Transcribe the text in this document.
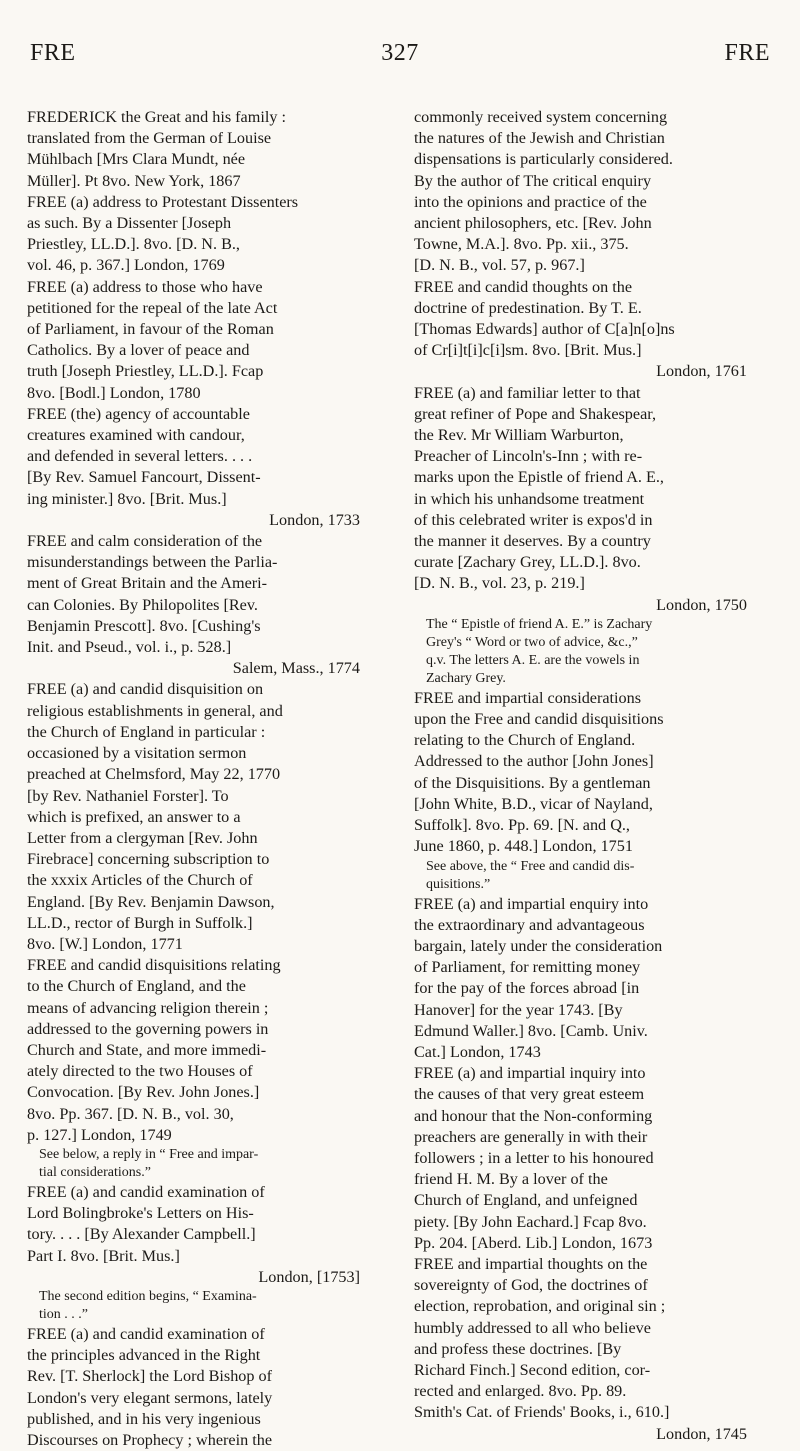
FRE	327	FRE
FREDERICK the Great and his family :
translated from the German of Louise
Mühlbach [Mrs Clara Mundt, née
Müller]. Pt 8vo. New York, 1867
FREE (a) address to Protestant Dissenters
as such. By a Dissenter [Joseph
Priestley, LL.D.]. 8vo. [D. N. B.,
vol. 46, p. 367.] London, 1769
FREE (a) address to those who have
petitioned for the repeal of the late Act
of Parliament, in favour of the Roman
Catholics. By a lover of peace and
truth [Joseph Priestley, LL.D.]. Fcap
8vo. [Bodl.] London, 1780
FREE (the) agency of accountable
creatures examined with candour,
and defended in several letters. . . .
[By Rev. Samuel Fancourt, Dissent-
ing minister.] 8vo. [Brit. Mus.]
London, 1733
FREE and calm consideration of the
misunderstandings between the Parlia-
ment of Great Britain and the Ameri-
can Colonies. By Philopolites [Rev.
Benjamin Prescott]. 8vo. [Cushing's
Init. and Pseud., vol. i., p. 528.]
Salem, Mass., 1774
FREE (a) and candid disquisition on
religious establishments in general, and
the Church of England in particular :
occasioned by a visitation sermon
preached at Chelmsford, May 22, 1770
[by Rev. Nathaniel Forster]. To
which is prefixed, an answer to a
Letter from a clergyman [Rev. John
Firebrace] concerning subscription to
the xxxix Articles of the Church of
England. [By Rev. Benjamin Dawson,
LL.D., rector of Burgh in Suffolk.]
8vo. [W.] London, 1771
FREE and candid disquisitions relating
to the Church of England, and the
means of advancing religion therein ;
addressed to the governing powers in
Church and State, and more immedi-
ately directed to the two Houses of
Convocation. [By Rev. John Jones.]
8vo. Pp. 367. [D. N. B., vol. 30,
p. 127.] London, 1749
See below, a reply in “ Free and impar-
tial considerations.”
FREE (a) and candid examination of
Lord Bolingbroke's Letters on His-
tory. . . . [By Alexander Campbell.]
Part I. 8vo. [Brit. Mus.]
London, [1753]
The second edition begins, “ Examina-
tion . . .”
FREE (a) and candid examination of
the principles advanced in the Right
Rev. [T. Sherlock] the Lord Bishop of
London's very elegant sermons, lately
published, and in his very ingenious
Discourses on Prophecy ; wherein the
commonly received system concerning
the natures of the Jewish and Christian
dispensations is particularly considered.
By the author of The critical enquiry
into the opinions and practice of the
ancient philosophers, etc. [Rev. John
Towne, M.A.]. 8vo. Pp. xii., 375.
[D. N. B., vol. 57, p. 967.]
FREE and candid thoughts on the
doctrine of predestination. By T. E.
[Thomas Edwards] author of C[a]n[o]ns
of Cr[i]t[i]c[i]sm. 8vo. [Brit. Mus.]
London, 1761
FREE (a) and familiar letter to that
great refiner of Pope and Shakespear,
the Rev. Mr William Warburton,
Preacher of Lincoln's-Inn ; with re-
marks upon the Epistle of friend A. E.,
in which his unhandsome treatment
of this celebrated writer is expos'd in
the manner it deserves. By a country
curate [Zachary Grey, LL.D.]. 8vo.
[D. N. B., vol. 23, p. 219.]
London, 1750
The “ Epistle of friend A. E.” is Zachary
Grey's “ Word or two of advice, &c.,”
q.v. The letters A. E. are the vowels in
Zachary Grey.
FREE and impartial considerations
upon the Free and candid disquisitions
relating to the Church of England.
Addressed to the author [John Jones]
of the Disquisitions. By a gentleman
[John White, B.D., vicar of Nayland,
Suffolk]. 8vo. Pp. 69. [N. and Q.,
June 1860, p. 448.] London, 1751
See above, the “ Free and candid dis-
quisitions.”
FREE (a) and impartial enquiry into
the extraordinary and advantageous
bargain, lately under the consideration
of Parliament, for remitting money
for the pay of the forces abroad [in
Hanover] for the year 1743. [By
Edmund Waller.] 8vo. [Camb. Univ.
Cat.] London, 1743
FREE (a) and impartial inquiry into
the causes of that very great esteem
and honour that the Non-conforming
preachers are generally in with their
followers ; in a letter to his honoured
friend H. M. By a lover of the
Church of England, and unfeigned
piety. [By John Eachard.] Fcap 8vo.
Pp. 204. [Aberd. Lib.] London, 1673
FREE and impartial thoughts on the
sovereignty of God, the doctrines of
election, reprobation, and original sin ;
humbly addressed to all who believe
and profess these doctrines. [By
Richard Finch.] Second edition, cor-
rected and enlarged. 8vo. Pp. 89.
Smith's Cat. of Friends' Books, i., 610.]
London, 1745
